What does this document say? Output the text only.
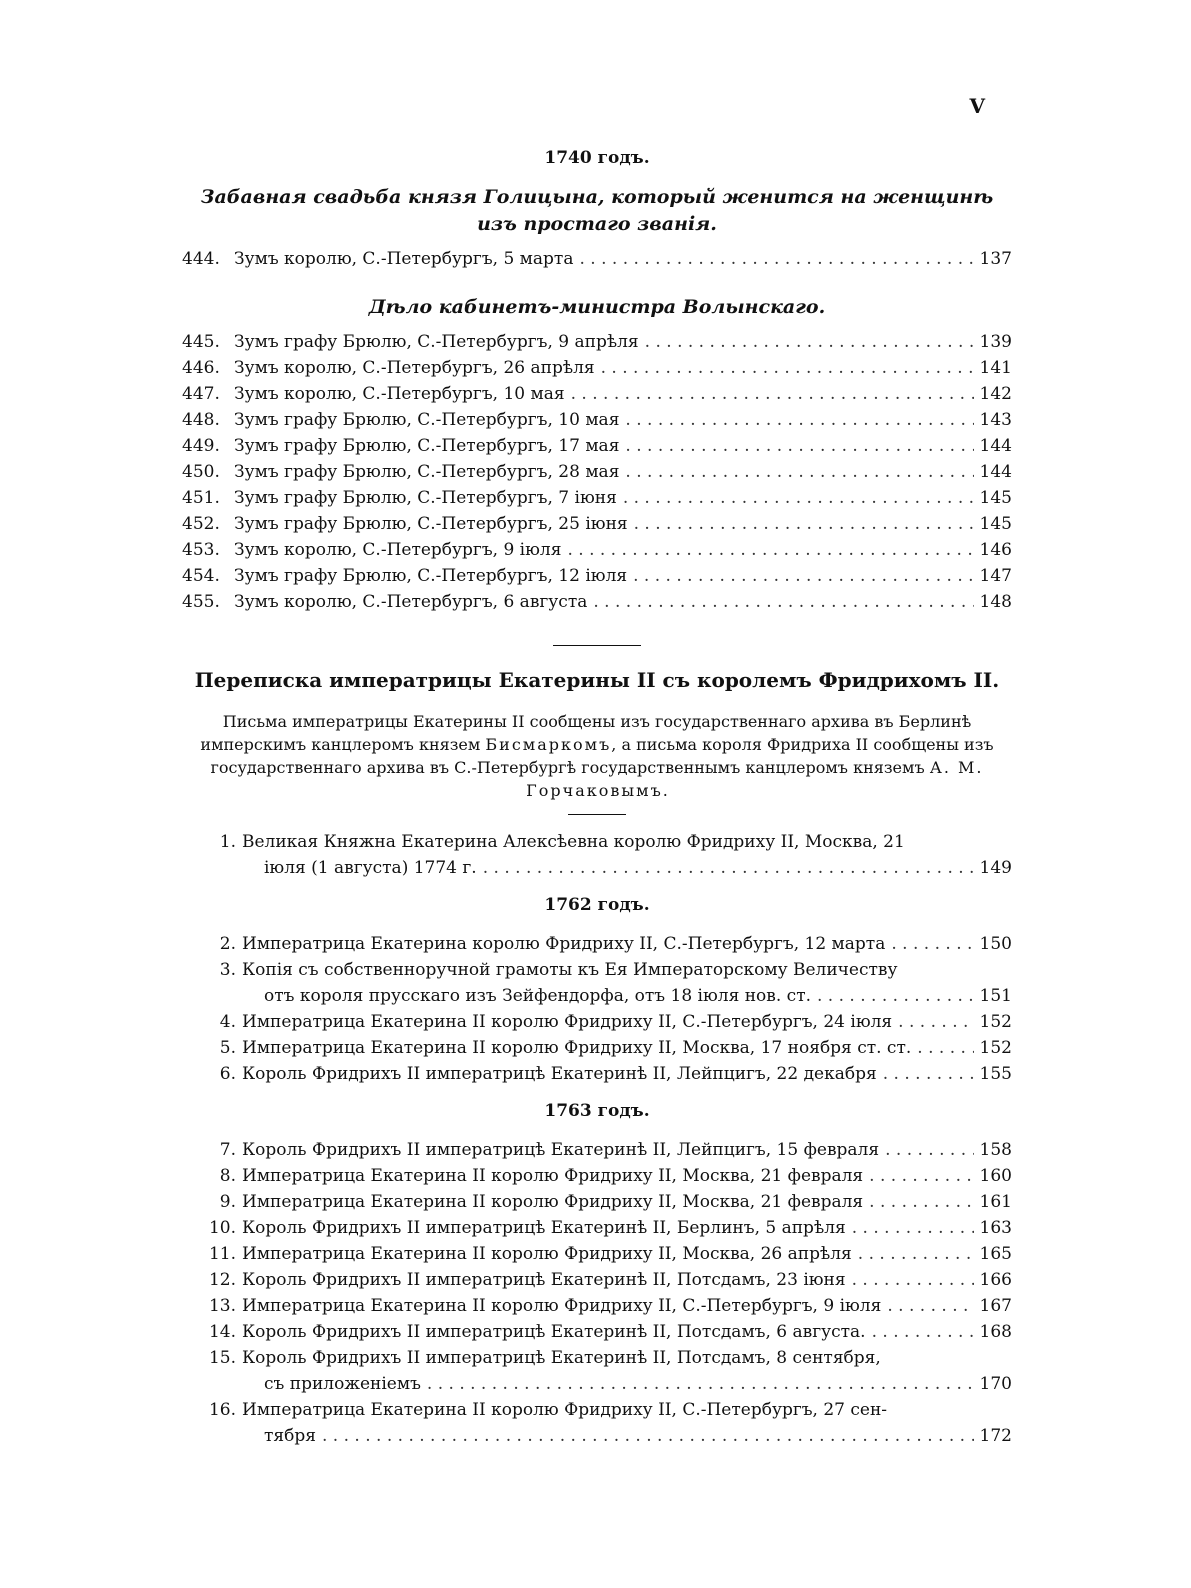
V
1740 годъ.
Забавная свадьба князя Голицына, который женится на женщинѣ изъ простаго званія.
444. Зумъ королю, С.-Петербургъ, 5 марта . . .	137
Дѣло кабинетъ-министра Волынскаго.
445. Зумъ графу Брюлю, С.-Петербургъ, 9 апрѣля . . .	139
446. Зумъ королю, С.-Петербургъ, 26 апрѣля . . .	141
447. Зумъ королю, С.-Петербургъ, 10 мая . . .	142
448. Зумъ графу Брюлю, С.-Петербургъ, 10 мая . . .	143
449. Зумъ графу Брюлю, С.-Петербургъ, 17 мая . . .	144
450. Зумъ графу Брюлю, С.-Петербургъ, 28 мая . . .	144
451. Зумъ графу Брюлю, С.-Петербургъ, 7 іюня . . .	145
452. Зумъ графу Брюлю, С.-Петербургъ, 25 іюня . . .	145
453. Зумъ королю, С.-Петербургъ, 9 іюля . . .	146
454. Зумъ графу Брюлю, С.-Петербургъ, 12 іюля . . .	147
455. Зумъ королю, С.-Петербургъ, 6 августа . . .	148
Переписка императрицы Екатерины II съ королемъ Фридрихомъ II.

Письма императрицы Екатерины II сообщены изъ государственнаго архива въ Берлинѣ имперскимъ канцлеромъ князем Бисмаркомъ, а письма короля Фридриха II сообщены изъ государственнаго архива въ С.-Петербургѣ государственнымъ канцлеромъ княземъ А. М. Горчаковымъ.

1. Великая Княжна Екатерина Алексѣевна королю Фридриху II, Москва, 21
іюля (1 августа) 1774 г. . . .	149
1762 годъ.
2. Императрица Екатерина королю Фридриху II, С.-Петербургъ, 12 марта . . .	150
3. Копія съ собственноручной грамоты къ Ея Императорскому Величеству
отъ короля прусскаго изъ Зейфендорфа, отъ 18 іюля нов. ст. . . .	151
4. Императрица Екатерина II королю Фридриху II, С.-Петербургъ, 24 іюля . . .	152
5. Императрица Екатерина II королю Фридриху II, Москва, 17 ноября ст. ст. . . .	152
6. Король Фридрихъ II императрицѣ Екатеринѣ II, Лейпцигъ, 22 декабря . . .	155
1763 годъ.
7. Король Фридрихъ II императрицѣ Екатеринѣ II, Лейпцигъ, 15 февраля . . .	158
8. Императрица Екатерина II королю Фридриху II, Москва, 21 февраля . . .	160
9. Императрица Екатерина II королю Фридриху II, Москва, 21 февраля . . .	161
10. Король Фридрихъ II императрицѣ Екатеринѣ II, Берлинъ, 5 апрѣля . . .	163
11. Императрица Екатерина II королю Фридриху II, Москва, 26 апрѣля . . .	165
12. Король Фридрихъ II императрицѣ Екатеринѣ II, Потсдамъ, 23 іюня . . .	166
13. Императрица Екатерина II королю Фридриху II, С.-Петербургъ, 9 іюля . . .	167
14. Король Фридрихъ II императрицѣ Екатеринѣ II, Потсдамъ, 6 августа. . . .	168
15. Король Фридрихъ II императрицѣ Екатеринѣ II, Потсдамъ, 8 сентября,
съ приложеніемъ . . .	170
16. Императрица Екатерина II королю Фридриху II, С.-Петербургъ, 27 сен-
тября . . .	172
